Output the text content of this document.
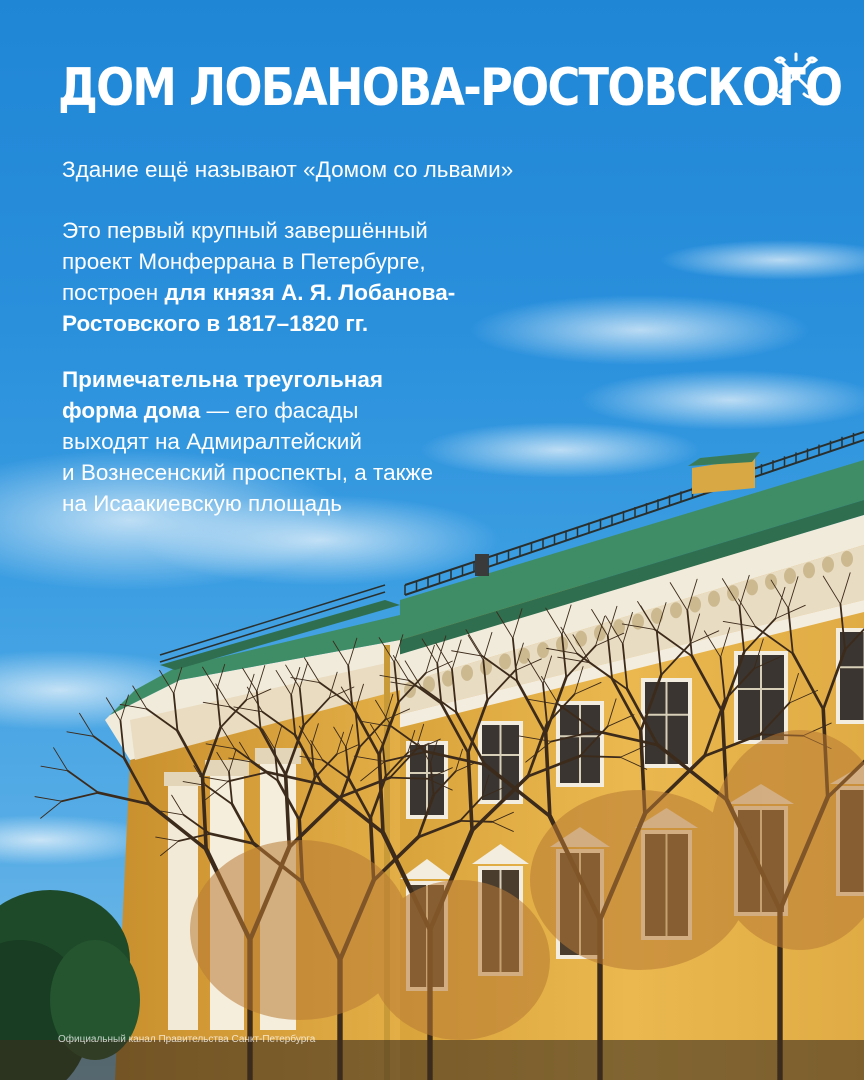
ДОМ ЛОБАНОВА-РОСТОВСКОГО

Здание ещё называют «Домом со львами»

Это первый крупный завершённый

проект Монферрана в Петербурге,

построен для князя А. Я. Лобанова-

Ростовского в 1817–1820 гг.

Примечательна треугольная

форма дома — его фасады

выходят на Адмиралтейский

и Вознесенский проспекты, а также

на Исаакиевскую площадь

Официальный канал Правительства Санкт-Петербурга
